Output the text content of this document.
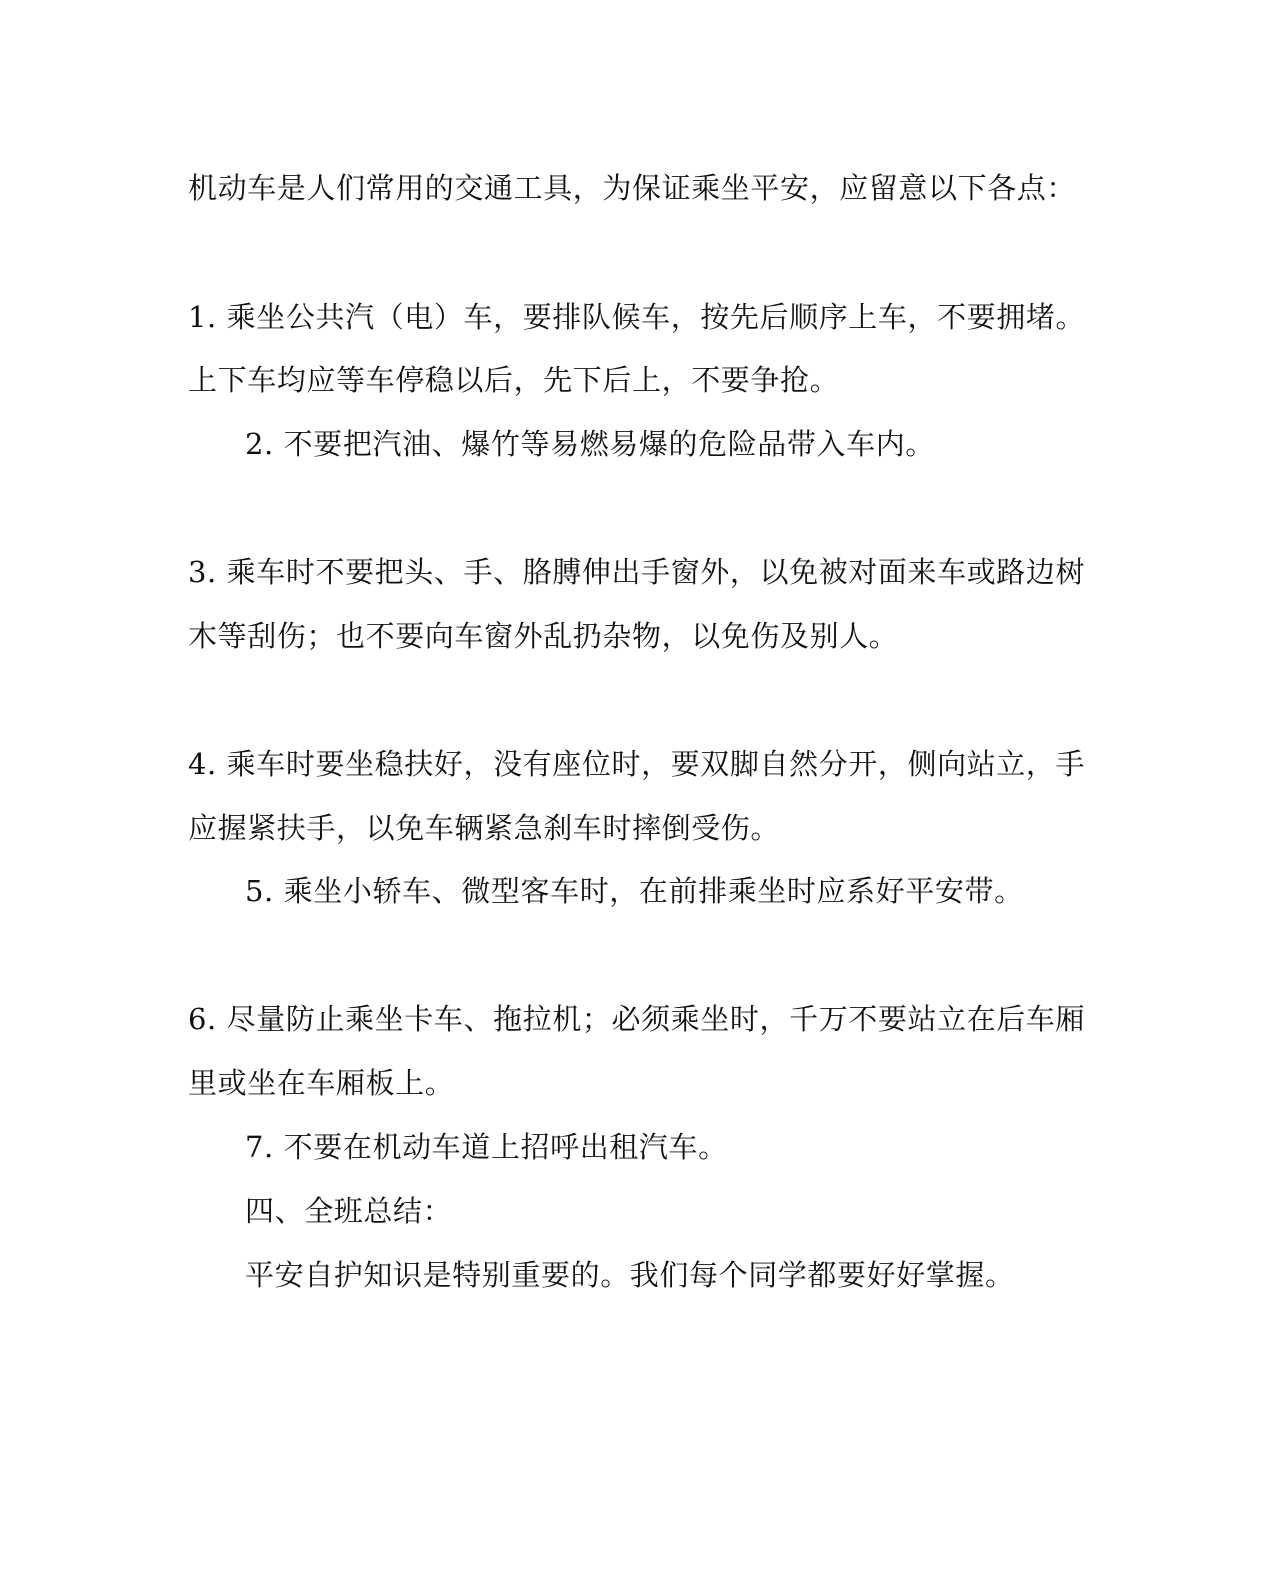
机动车是人们常用的交通工具，为保证乘坐平安，应留意以下各点：
1. 乘坐公共汽（电）车，要排队候车，按先后顺序上车，不要拥堵。
上下车均应等车停稳以后，先下后上，不要争抢。
2. 不要把汽油、爆竹等易燃易爆的危险品带入车内。
3. 乘车时不要把头、手、胳膊伸出手窗外，以免被对面来车或路边树
木等刮伤；也不要向车窗外乱扔杂物，以免伤及别人。
4. 乘车时要坐稳扶好，没有座位时，要双脚自然分开，侧向站立，手
应握紧扶手，以免车辆紧急刹车时摔倒受伤。
5. 乘坐小轿车、微型客车时，在前排乘坐时应系好平安带。
6. 尽量防止乘坐卡车、拖拉机；必须乘坐时，千万不要站立在后车厢
里或坐在车厢板上。
7. 不要在机动车道上招呼出租汽车。
四、全班总结：
平安自护知识是特别重要的。我们每个同学都要好好掌握。
